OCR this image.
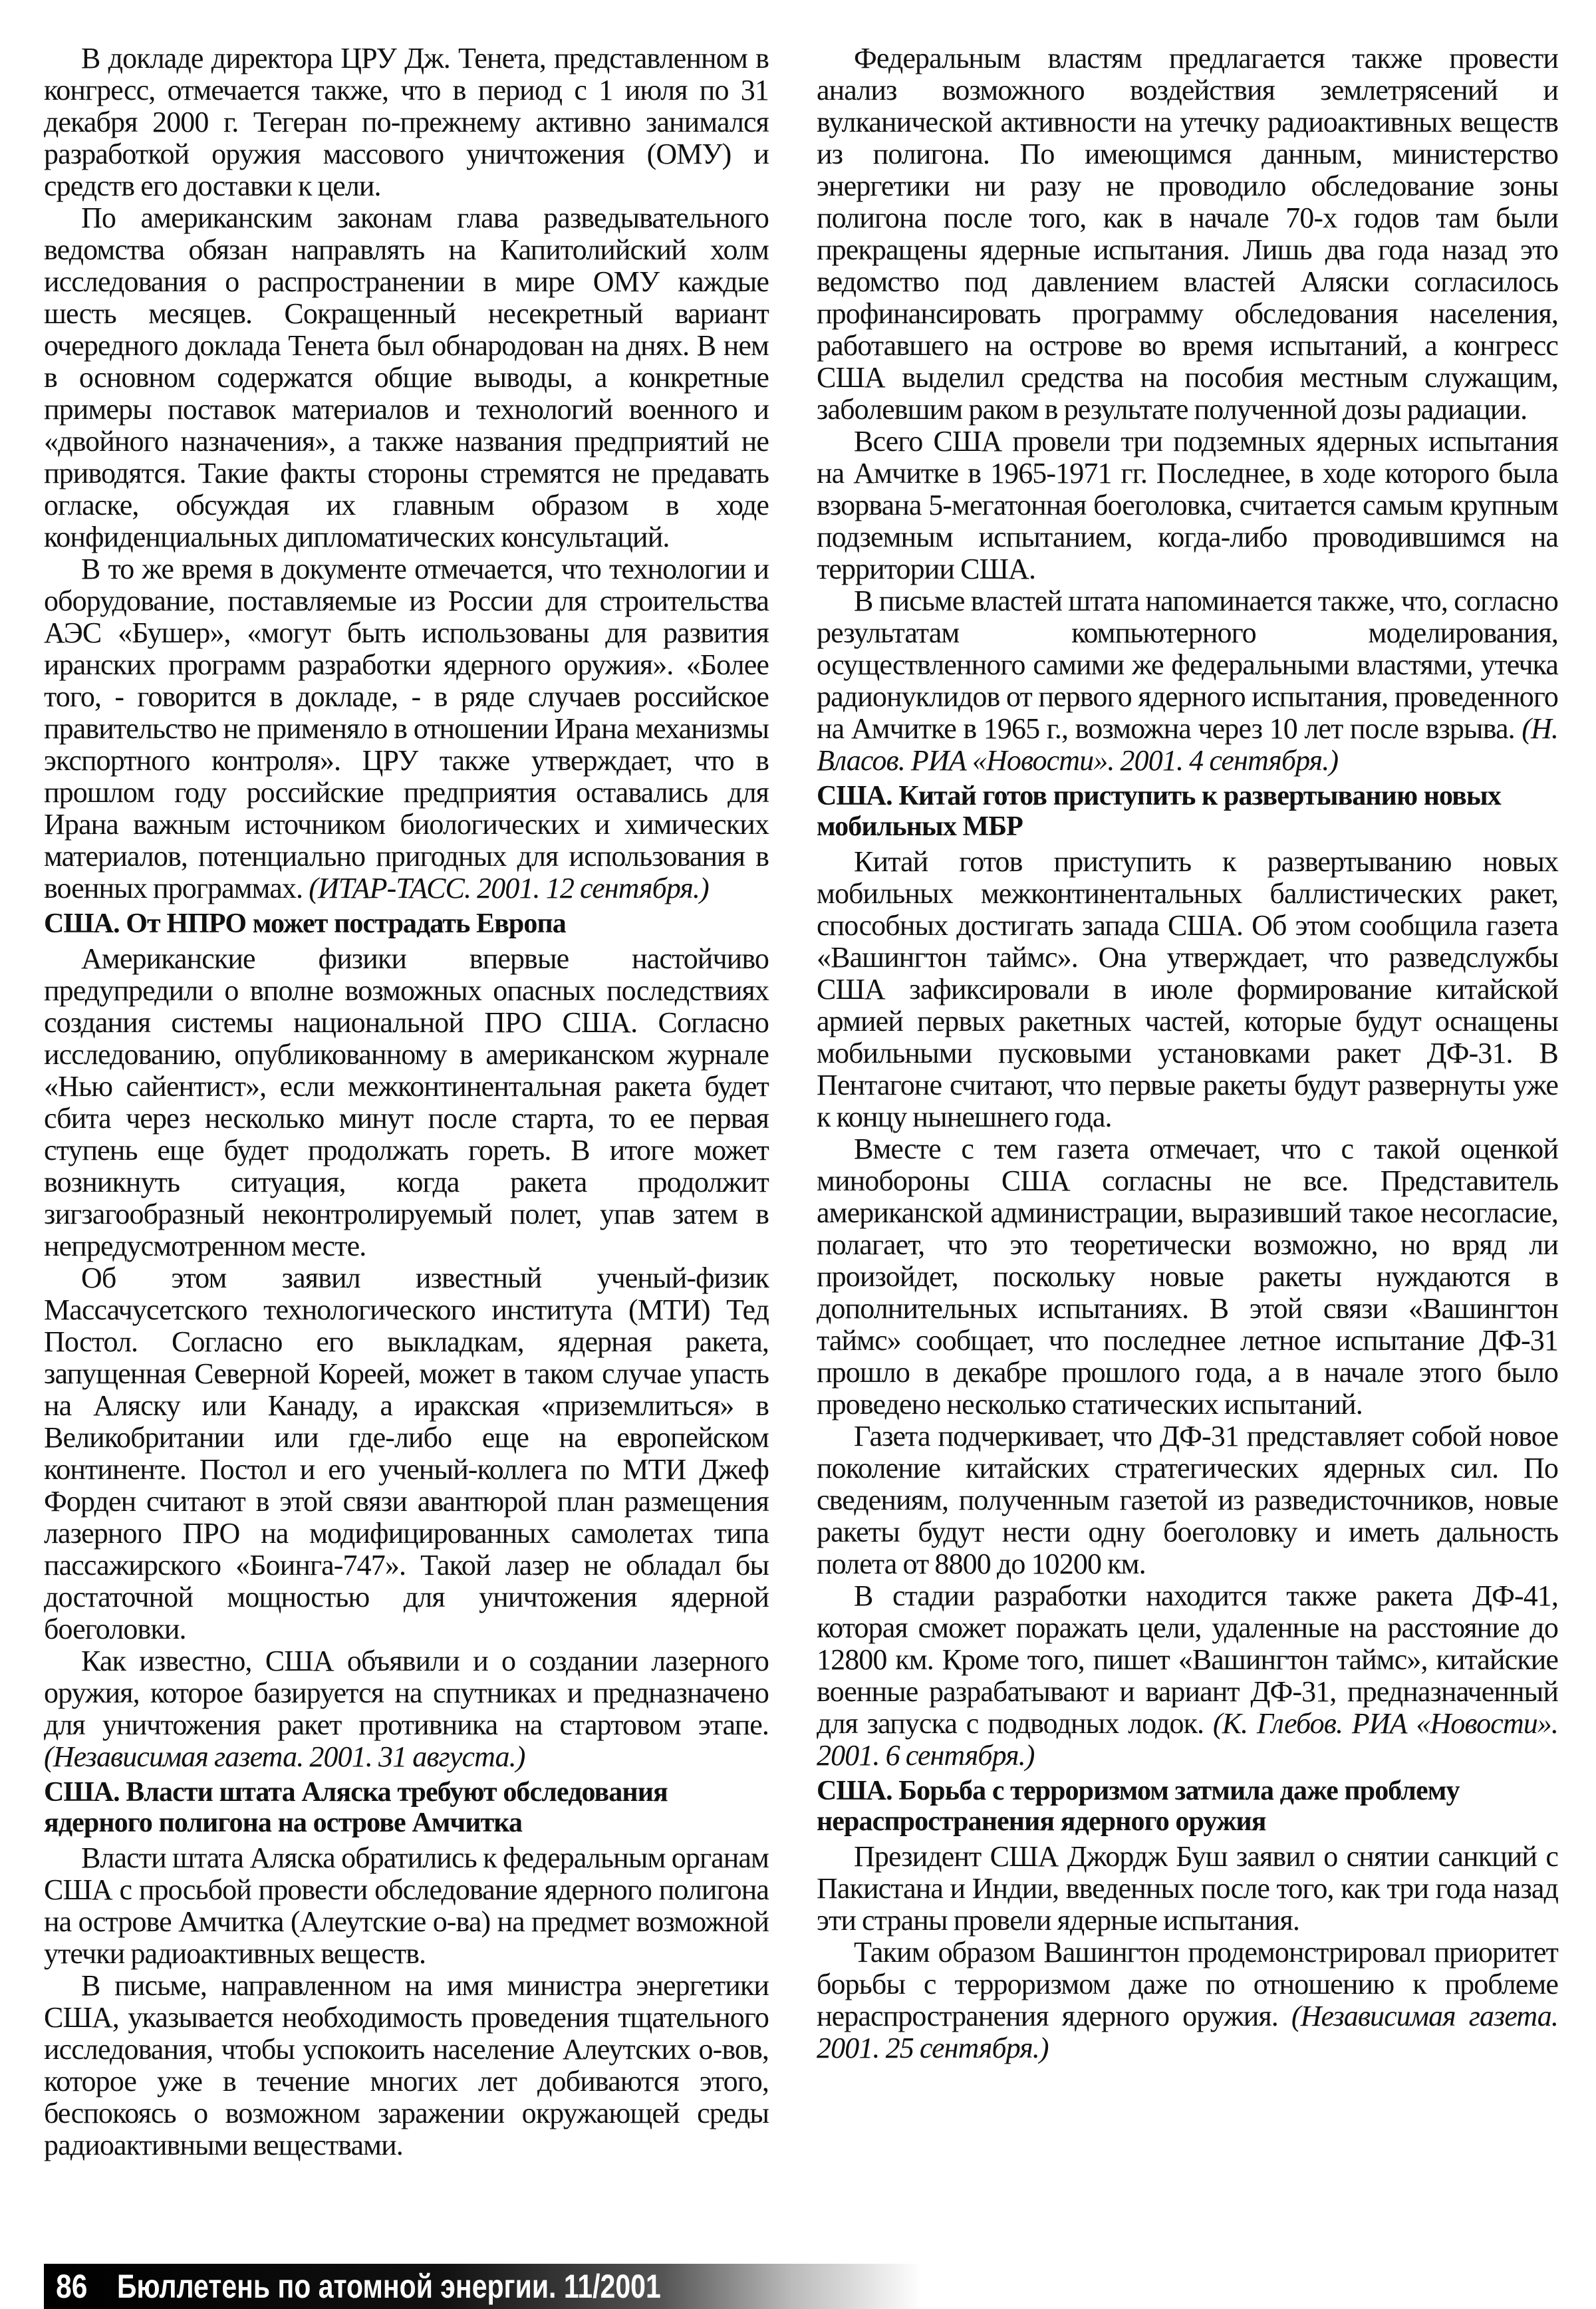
В докладе директора ЦРУ Дж. Тенета, представленном в конгресс, отмечается также, что в период с 1 июля по 31 декабря 2000 г. Тегеран по-прежнему активно занимался разработкой оружия массового уничтожения (ОМУ) и средств его доставки к цели.

По американским законам глава разведывательного ведомства обязан направлять на Капитолийский холм исследования о распространении в мире ОМУ каждые шесть месяцев. Сокращенный несекретный вариант очередного доклада Тенета был обнародован на днях. В нем в основном содержатся общие выводы, а конкретные примеры поставок материалов и технологий военного и «двойного назначения», а также названия предприятий не приводятся. Такие факты стороны стремятся не предавать огласке, обсуждая их главным образом в ходе конфиденциальных дипломатических консультаций.

В то же время в документе отмечается, что технологии и оборудование, поставляемые из России для строительства АЭС «Бушер», «могут быть использованы для развития иранских программ разработки ядерного оружия». «Более того, - говорится в докладе, - в ряде случаев российское правительство не применяло в отношении Ирана механизмы экспортного контроля». ЦРУ также утверждает, что в прошлом году российские предприятия оставались для Ирана важным источником биологических и химических материалов, потенциально пригодных для использования в военных программах. (ИТАР-ТАСС. 2001. 12 сентября.)

США. От НПРО может пострадать Европа

Американские физики впервые настойчиво предупредили о вполне возможных опасных последствиях создания системы национальной ПРО США. Согласно исследованию, опубликованному в американском журнале «Нью сайентист», если межконтинентальная ракета будет сбита через несколько минут после старта, то ее первая ступень еще будет продолжать гореть. В итоге может возникнуть ситуация, когда ракета продолжит зигзагообразный неконтролируемый полет, упав затем в непредусмотренном месте.

Об этом заявил известный ученый-физик Массачусетского технологического института (МТИ) Тед Постол. Согласно его выкладкам, ядерная ракета, запущенная Северной Кореей, может в таком случае упасть на Аляску или Канаду, а иракская «приземлиться» в Великобритании или где-либо еще на европейском континенте. Постол и его ученый-коллега по МТИ Джеф Форден считают в этой связи авантюрой план размещения лазерного ПРО на модифицированных самолетах типа пассажирского «Боинга-747». Такой лазер не обладал бы достаточной мощностью для уничтожения ядерной боеголовки.

Как известно, США объявили и о создании лазерного оружия, которое базируется на спутниках и предназначено для уничтожения ракет противника на стартовом этапе. (Независимая газета. 2001. 31 августа.)

США. Власти штата Аляска требуют обследования ядерного полигона на острове Амчитка

Власти штата Аляска обратились к федеральным органам США с просьбой провести обследование ядерного полигона на острове Амчитка (Алеутские о-ва) на предмет возможной утечки радиоактивных веществ.

В письме, направленном на имя министра энергетики США, указывается необходимость проведения тщательного исследования, чтобы успокоить население Алеутских о-вов, которое уже в течение многих лет добиваются этого, беспокоясь о возможном заражении окружающей среды радиоактивными веществами.

Федеральным властям предлагается также провести анализ возможного воздействия землетрясений и вулканической активности на утечку радиоактивных веществ из полигона. По имеющимся данным, министерство энергетики ни разу не проводило обследование зоны полигона после того, как в начале 70-х годов там были прекращены ядерные испытания. Лишь два года назад это ведомство под давлением властей Аляски согласилось профинансировать программу обследования населения, работавшего на острове во время испытаний, а конгресс США выделил средства на пособия местным служащим, заболевшим раком в результате полученной дозы радиации.

Всего США провели три подземных ядерных испытания на Амчитке в 1965-1971 гг. Последнее, в ходе которого была взорвана 5-мегатонная боеголовка, считается самым крупным подземным испытанием, когда-либо проводившимся на территории США.

В письме властей штата напоминается также, что, согласно результатам компьютерного моделирования, осуществленного самими же федеральными властями, утечка радионуклидов от первого ядерного испытания, проведенного на Амчитке в 1965 г., возможна через 10 лет после взрыва. (Н. Власов. РИА «Новости». 2001. 4 сентября.)

США. Китай готов приступить к развертыванию новых мобильных МБР

Китай готов приступить к развертыванию новых мобильных межконтинентальных баллистических ракет, способных достигать запада США. Об этом сообщила газета «Вашингтон таймс». Она утверждает, что разведслужбы США зафиксировали в июле формирование китайской армией первых ракетных частей, которые будут оснащены мобильными пусковыми установками ракет ДФ-31. В Пентагоне считают, что первые ракеты будут развернуты уже к концу нынешнего года.

Вместе с тем газета отмечает, что с такой оценкой минобороны США согласны не все. Представитель американской администрации, выразивший такое несогласие, полагает, что это теоретически возможно, но вряд ли произойдет, поскольку новые ракеты нуждаются в дополнительных испытаниях. В этой связи «Вашингтон таймс» сообщает, что последнее летное испытание ДФ-31 прошло в декабре прошлого года, а в начале этого было проведено несколько статических испытаний.

Газета подчеркивает, что ДФ-31 представляет собой новое поколение китайских стратегических ядерных сил. По сведениям, полученным газетой из разведисточников, новые ракеты будут нести одну боеголовку и иметь дальность полета от 8800 до 10200 км.

В стадии разработки находится также ракета ДФ-41, которая сможет поражать цели, удаленные на расстояние до 12800 км. Кроме того, пишет «Вашингтон таймс», китайские военные разрабатывают и вариант ДФ-31, предназначенный для запуска с подводных лодок. (К. Глебов. РИА «Новости». 2001. 6 сентября.)

США. Борьба с терроризмом затмила даже проблему нераспространения ядерного оружия

Президент США Джордж Буш заявил о снятии санкций с Пакистана и Индии, введенных после того, как три года назад эти страны провели ядерные испытания.

Таким образом Вашингтон продемонстрировал приоритет борьбы с терроризмом даже по отношению к проблеме нераспространения ядерного оружия. (Независимая газета. 2001. 25 сентября.)

86 Бюллетень по атомной энергии. 11/2001
